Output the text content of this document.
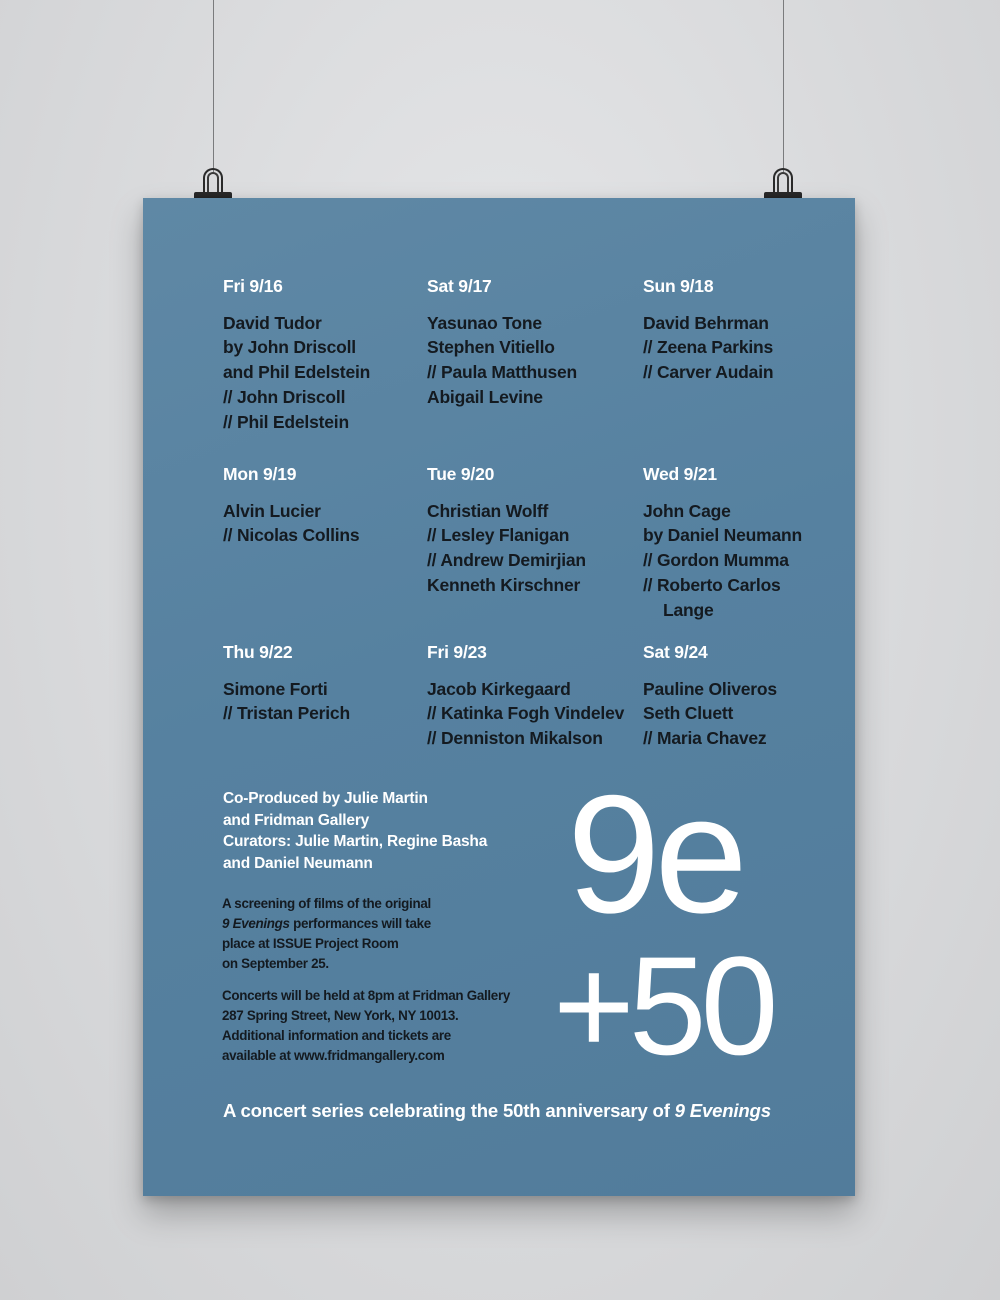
Fri 9/16
David Tudor
by John Driscoll
and Phil Edelstein
// John Driscoll
// Phil Edelstein
Sat 9/17
Yasunao Tone
Stephen Vitiello
// Paula Matthusen
Abigail Levine
Sun 9/18
David Behrman
// Zeena Parkins
// Carver Audain
Mon 9/19
Alvin Lucier
// Nicolas Collins
Tue 9/20
Christian Wolff
// Lesley Flanigan
// Andrew Demirjian
Kenneth Kirschner
Wed 9/21
John Cage
by Daniel Neumann
// Gordon Mumma
// Roberto Carlos
Lange
Thu 9/22
Simone Forti
// Tristan Perich
Fri 9/23
Jacob Kirkegaard
// Katinka Fogh Vindelev
// Denniston Mikalson
Sat 9/24
Pauline Oliveros
Seth Cluett
// Maria Chavez
Co-Produced by Julie Martin
and Fridman Gallery
Curators: Julie Martin, Regine Basha
and Daniel Neumann
A screening of films of the original
9 Evenings performances will take
place at ISSUE Project Room
on September 25.
Concerts will be held at 8pm at Fridman Gallery
287 Spring Street, New York, NY 10013.
Additional information and tickets are
available at www.fridmangallery.com
9e
+50
A concert series celebrating the 50th anniversary of 9 Evenings
